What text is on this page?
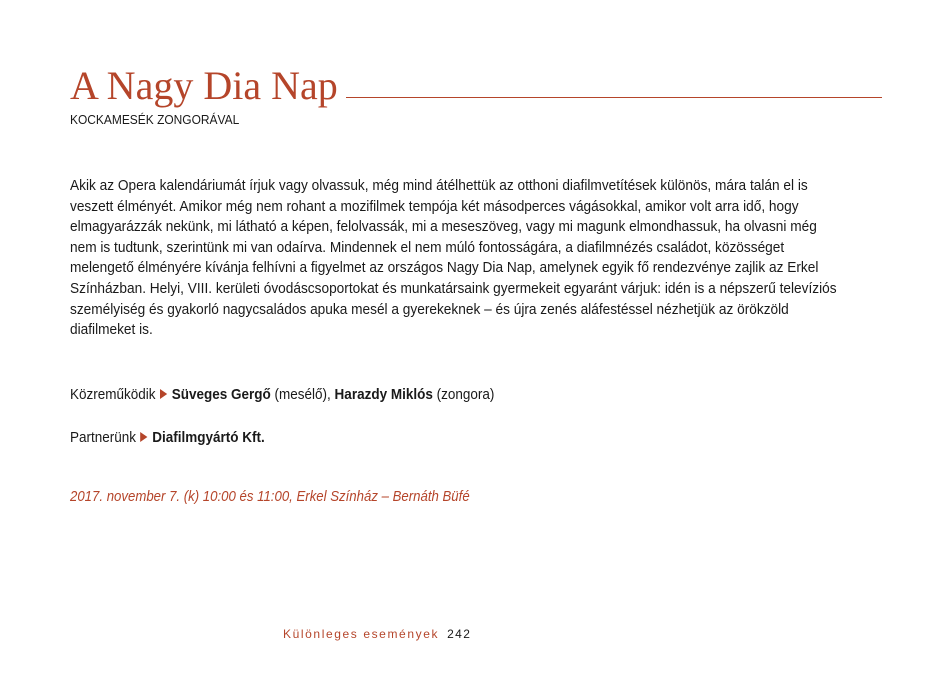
A Nagy Dia Nap
KOCKAMESÉK ZONGORÁVAL

Akik az Opera kalendáriumát írjuk vagy olvassuk, még mind átélhettük az otthoni diafilmvetítések különös, mára talán el is veszett élményét. Amikor még nem rohant a mozifilmek tempója két másodperces vágásokkal, amikor volt arra idő, hogy elmagyarázzák nekünk, mi látható a képen, felolvassák, mi a meseszöveg, vagy mi magunk elmondhassuk, ha olvasni még nem is tudtunk, szerintünk mi van odaírva. Mindennek el nem múló fontosságára, a diafilmnézés családot, közösséget melengető élményére kívánja felhívni a figyelmet az országos Nagy Dia Nap, amelynek egyik fő rendezvénye zajlik az Erkel Színházban. Helyi, VIII. kerületi óvodáscsoportokat és munkatársaink gyermekeit egyaránt várjuk: idén is a népszerű televíziós személyiség és gyakorló nagycsaládos apuka mesél a gyerekeknek – és újra zenés aláfestéssel nézhetjük az örökzöld diafilmeket is.

Közreműködik Süveges Gergő (mesélő), Harazdy Miklós (zongora)
Partnerünk Diafilmgyártó Kft.
2017. november 7. (k) 10:00 és 11:00, Erkel Színház – Bernáth Büfé
Különleges események 242
